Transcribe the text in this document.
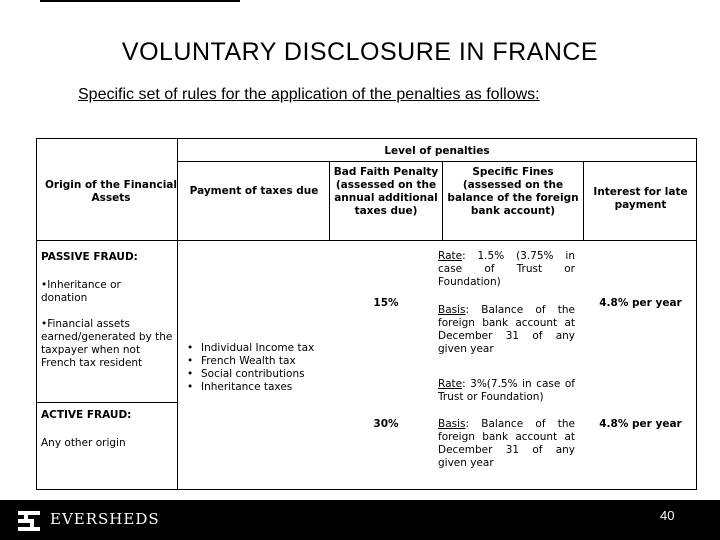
VOLUNTARY DISCLOSURE IN FRANCE
Specific set of rules for the application of the penalties as follows:
Level of penalties
Origin of the Financial Assets
Payment of taxes due
Bad Faith Penalty (assessed on the annual additional taxes due)
Specific Fines (assessed on the balance of the foreign bank account)
Interest for late payment
PASSIVE FRAUD:
•Inheritance or donation
•Financial assets earned/generated by the taxpayer when not French tax resident
• Individual Income tax
• French Wealth tax
• Social contributions
• Inheritance taxes
15%
Rate: 1.5% (3.75% in case of Trust or Foundation)
Basis: Balance of the foreign bank account at December 31 of any given year
4.8% per year
ACTIVE FRAUD:
Any other origin
30%
Rate: 3%(7.5% in case of Trust or Foundation)
Basis: Balance of the foreign bank account at December 31 of any given year
4.8% per year
EVERSHEDS	40
